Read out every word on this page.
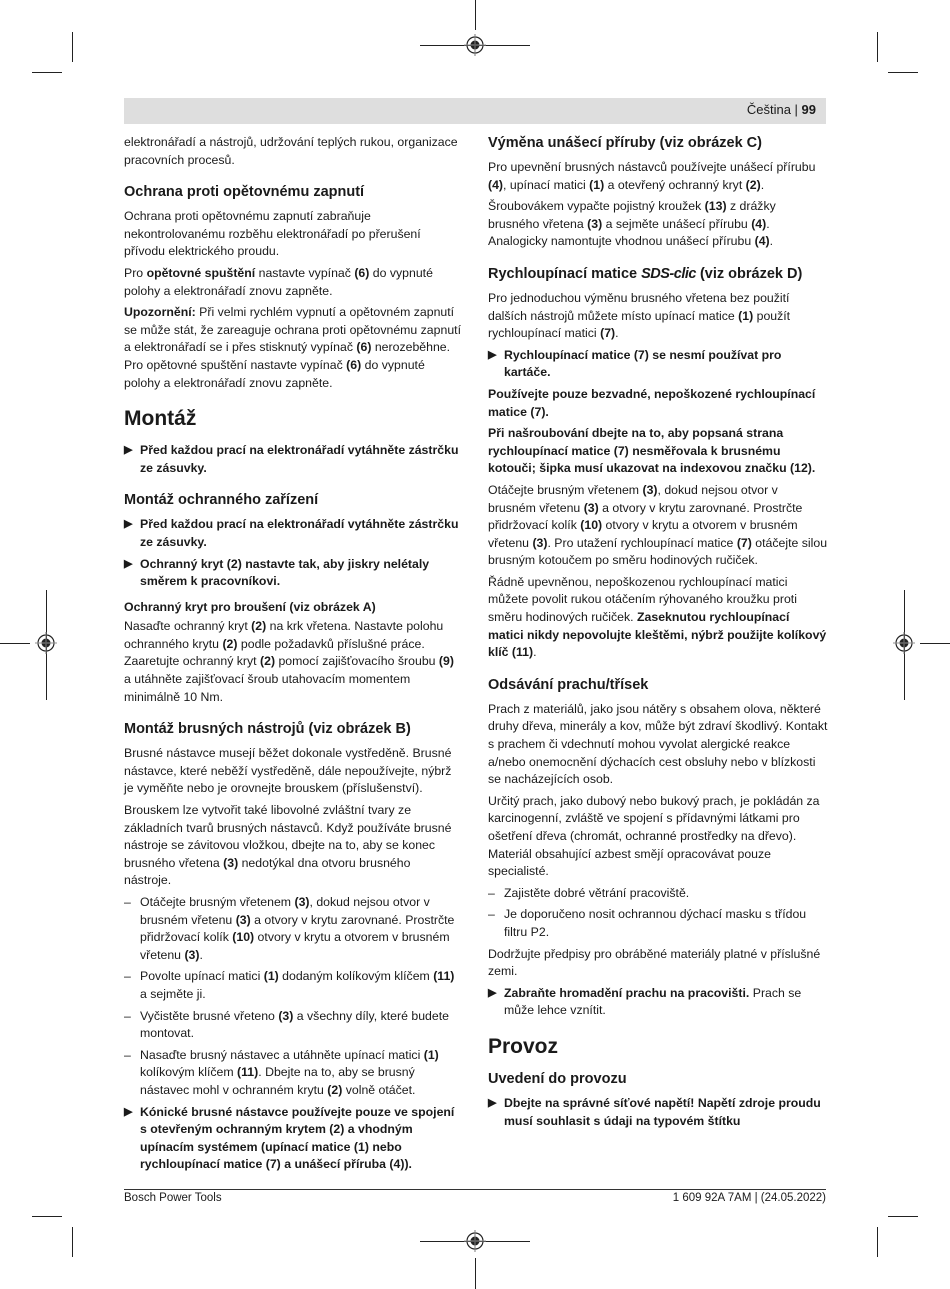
Čeština | 99

elektronářadí a nástrojů, udržování teplých rukou, organizace pracovních procesů.

Ochrana proti opětovnému zapnutí

Ochrana proti opětovnému zapnutí zabraňuje nekontrolovanému rozběhu elektronářadí po přerušení přívodu elektrického proudu.

Pro opětovné spuštění nastavte vypínač (6) do vypnuté polohy a elektronářadí znovu zapněte.

Upozornění: Při velmi rychlém vypnutí a opětovném zapnutí se může stát, že zareaguje ochrana proti opětovnému zapnutí a elektronářadí se i přes stisknutý vypínač (6) nerozeběhne. Pro opětovné spuštění nastavte vypínač (6) do vypnuté polohy a elektronářadí znovu zapněte.

Montáž
▶ Před každou prací na elektronářadí vytáhněte zástrčku ze zásuvky.
Montáž ochranného zařízení
▶ Před každou prací na elektronářadí vytáhněte zástrčku ze zásuvky.
▶ Ochranný kryt (2) nastavte tak, aby jiskry nelétaly směrem k pracovníkovi.
Ochranný kryt pro broušení (viz obrázek A)

Nasaďte ochranný kryt (2) na krk vřetena. Nastavte polohu ochranného krytu (2) podle požadavků příslušné práce. Zaaretujte ochranný kryt (2) pomocí zajišťovacího šroubu (9) a utáhněte zajišťovací šroub utahovacím momentem minimálně 10 Nm.

Montáž brusných nástrojů (viz obrázek B)

Brusné nástavce musejí běžet dokonale vystředěně. Brusné nástavce, které neběží vystředěně, dále nepoužívejte, nýbrž je vyměňte nebo je orovnejte brouskem (příslušenství).

Brouskem lze vytvořit také libovolné zvláštní tvary ze základních tvarů brusných nástavců. Když používáte brusné nástroje se závitovou vložkou, dbejte na to, aby se konec brusného vřetena (3) nedotýkal dna otvoru brusného nástroje.

– Otáčejte brusným vřetenem (3), dokud nejsou otvor v brusném vřetenu (3) a otvory v krytu zarovnané. Prostrčte přidržovací kolík (10) otvory v krytu a otvorem v brusném vřetenu (3).
– Povolte upínací matici (1) dodaným kolíkovým klíčem (11) a sejměte ji.
– Vyčistěte brusné vřeteno (3) a všechny díly, které budete montovat.
– Nasaďte brusný nástavec a utáhněte upínací matici (1) kolíkovým klíčem (11). Dbejte na to, aby se brusný nástavec mohl v ochranném krytu (2) volně otáčet.
▶ Kónické brusné nástavce používejte pouze ve spojení s otevřeným ochranným krytem (2) a vhodným upínacím systémem (upínací matice (1) nebo rychloupínací matice (7) a unášecí příruba (4)).
Výměna unášecí příruby (viz obrázek C)

Pro upevnění brusných nástavců používejte unášecí přírubu (4), upínací matici (1) a otevřený ochranný kryt (2).

Šroubovákem vypačte pojistný kroužek (13) z drážky brusného vřetena (3) a sejměte unášecí přírubu (4).

Analogicky namontujte vhodnou unášecí přírubu (4).

Rychloupínací matice SDS-clic (viz obrázek D)

Pro jednoduchou výměnu brusného vřetena bez použití dalších nástrojů můžete místo upínací matice (1) použít rychloupínací matici (7).

▶ Rychloupínací matice (7) se nesmí používat pro kartáče.

Používejte pouze bezvadné, nepoškozené rychloupínací matice (7).

Při našroubování dbejte na to, aby popsaná strana rychloupínací matice (7) nesměřovala k brusnému kotouči; šipka musí ukazovat na indexovou značku (12).

Otáčejte brusným vřetenem (3), dokud nejsou otvor v brusném vřetenu (3) a otvory v krytu zarovnané. Prostrčte přidržovací kolík (10) otvory v krytu a otvorem v brusném vřetenu (3). Pro utažení rychloupínací matice (7) otáčejte silou brusným kotoučem po směru hodinových ručiček.

Řádně upevněnou, nepoškozenou rychloupínací matici můžete povolit rukou otáčením rýhovaného kroužku proti směru hodinových ručiček. Zaseknutou rychloupínací matici nikdy nepovolujte kleštěmi, nýbrž použijte kolíkový klíč (11).

Odsávání prachu/třísek

Prach z materiálů, jako jsou nátěry s obsahem olova, některé druhy dřeva, minerály a kov, může být zdraví škodlivý. Kontakt s prachem či vdechnutí mohou vyvolat alergické reakce a/nebo onemocnění dýchacích cest obsluhy nebo v blízkosti se nacházejících osob.

Určitý prach, jako dubový nebo bukový prach, je pokládán za karcinogenní, zvláště ve spojení s přídavnými látkami pro ošetření dřeva (chromát, ochranné prostředky na dřevo). Materiál obsahující azbest smějí opracovávat pouze specialisté.

– Zajistěte dobré větrání pracoviště.
– Je doporučeno nosit ochrannou dýchací masku s třídou filtru P2.

Dodržujte předpisy pro obráběné materiály platné v příslušné zemi.

▶ Zabraňte hromadění prachu na pracovišti. Prach se může lehce vznítit.
Provoz
Uvedení do provozu
▶ Dbejte na správné síťové napětí! Napětí zdroje proudu musí souhlasit s údaji na typovém štítku
Bosch Power Tools	1 609 92A 7AM | (24.05.2022)
